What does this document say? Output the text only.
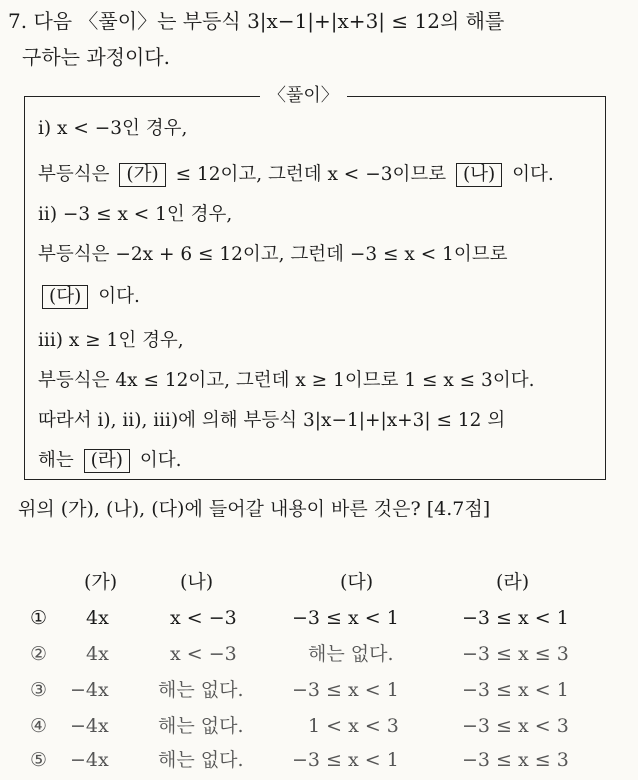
7. 다음 〈풀이〉는 부등식 3|x−1|+|x+3| ≤ 12의 해를
구하는 과정이다.
〈풀이〉
i) x < −3인 경우,
부등식은 (가) ≤ 12이고, 그런데 x < −3이므로 (나) 이다.
ii) −3 ≤ x < 1인 경우,
부등식은 −2x + 6 ≤ 12이고, 그런데 −3 ≤ x < 1이므로
(다) 이다.
iii) x ≥ 1인 경우,
부등식은 4x ≤ 12이고, 그런데 x ≥ 1이므로 1 ≤ x ≤ 3이다.
따라서 i), ii), iii)에 의해 부등식 3|x−1|+|x+3| ≤ 12 의
해는 (라) 이다.
위의 (가), (나), (다)에 들어갈 내용이 바른 것은? [4.7점]
(가)	(나)	(다)	(라)
① 4x	x < −3	−3 ≤ x < 1	−3 ≤ x < 1
② 4x	x < −3	해는 없다.	−3 ≤ x ≤ 3
③ −4x	해는 없다.	−3 ≤ x < 1	−3 ≤ x < 1
④ −4x	해는 없다.	1 < x < 3	−3 ≤ x < 3
⑤ −4x	해는 없다.	−3 ≤ x < 1	−3 ≤ x ≤ 3
